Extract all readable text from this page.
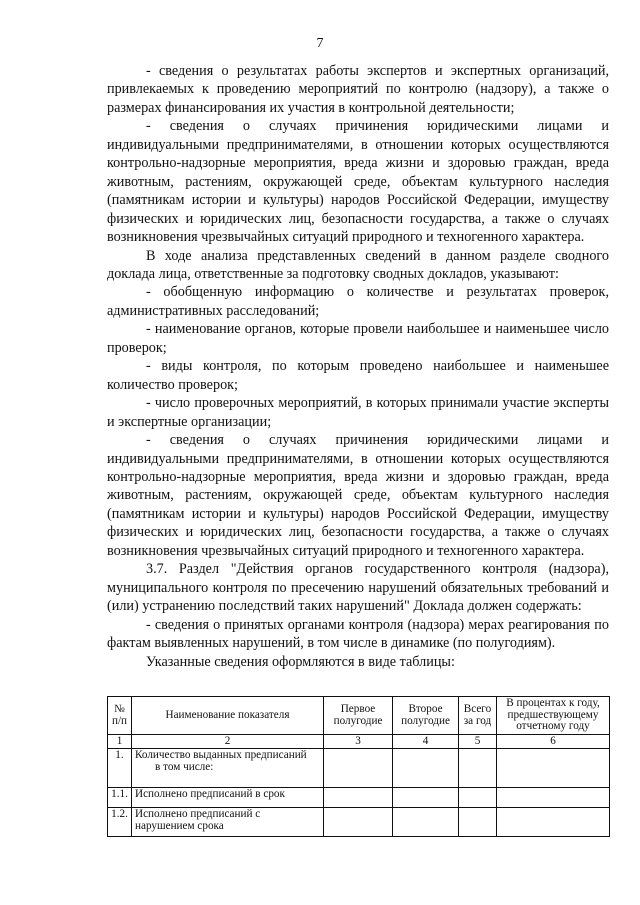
7

- сведения о результатах работы экспертов и экспертных организаций, привлекаемых к проведению мероприятий по контролю (надзору), а также о размерах финансирования их участия в контрольной деятельности;

- сведения о случаях причинения юридическими лицами и индивидуальными предпринимателями, в отношении которых осуществляются контрольно-надзорные мероприятия, вреда жизни и здоровью граждан, вреда животным, растениям, окружающей среде, объектам культурного наследия (памятникам истории и культуры) народов Российской Федерации, имуществу физических и юридических лиц, безопасности государства, а также о случаях возникновения чрезвычайных ситуаций природного и техногенного характера.

В ходе анализа представленных сведений в данном разделе сводного доклада лица, ответственные за подготовку сводных докладов, указывают:

- обобщенную информацию о количестве и результатах проверок, административных расследований;

- наименование органов, которые провели наибольшее и наименьшее число проверок;

- виды контроля, по которым проведено наибольшее и наименьшее количество проверок;

- число проверочных мероприятий, в которых принимали участие эксперты и экспертные организации;

- сведения о случаях причинения юридическими лицами и индивидуальными предпринимателями, в отношении которых осуществляются контрольно-надзорные мероприятия, вреда жизни и здоровью граждан, вреда животным, растениям, окружающей среде, объектам культурного наследия (памятникам истории и культуры) народов Российской Федерации, имуществу физических и юридических лиц, безопасности государства, а также о случаях возникновения чрезвычайных ситуаций природного и техногенного характера.

3.7. Раздел "Действия органов государственного контроля (надзора), муниципального контроля по пресечению нарушений обязательных требований и (или) устранению последствий таких нарушений" Доклада должен содержать:

- сведения о принятых органами контроля (надзора) мерах реагирования по фактам выявленных нарушений, в том числе в динамике (по полугодиям).

Указанные сведения оформляются в виде таблицы:

№ п/п	Наименование показателя	Первое полугодие	Второе полугодие	Всего за год	В процентах к году, предшествующему отчетному году
1	2	3	4	5	6
1.	Количество выданных предписаний
в том числе:				

1.1.	Исполнено предписаний в срок				
1.2.	Исполнено предписаний с нарушением срока				
